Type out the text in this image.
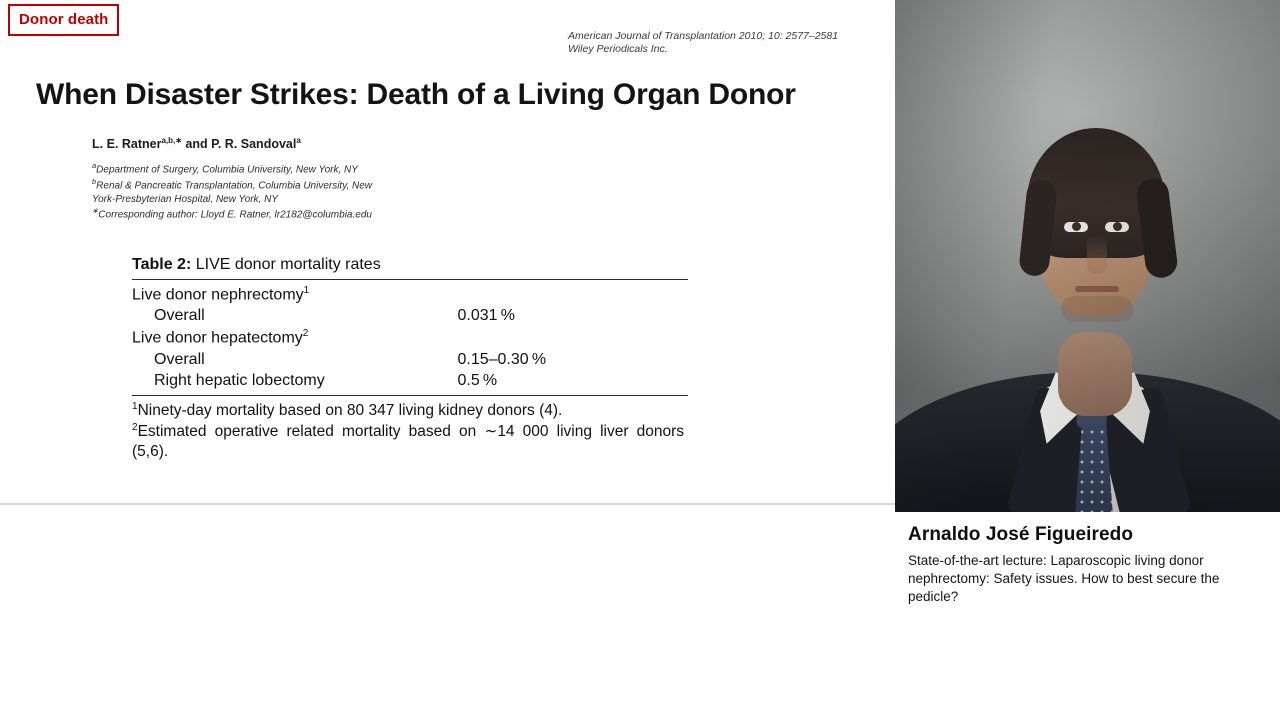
Donor death
American Journal of Transplantation 2010; 10: 2577–2581
Wiley Periodicals Inc.
When Disaster Strikes: Death of a Living Organ Donor
L. E. Ratner$^{a,b,∗}$ and P. R. Sandoval$^a$
$^a$Department of Surgery, Columbia University, New York, NY
$^b$Renal & Pancreatic Transplantation, Columbia University, New York-Presbyterian Hospital, New York, NY
∗Corresponding author: Lloyd E. Ratner, lr2182@columbia.edu
Table 2: LIVE donor mortality rates
Live donor nephrectomy$^1$	
Overall	0.031 %
Live donor hepatectomy$^2$	
Overall	0.15–0.30 %
Right hepatic lobectomy	0.5 %

$^1$Ninety-day mortality based on 80 347 living kidney donors (4).

$^2$Estimated operative related mortality based on ∼14 000 living liver donors (5,6).

Arnaldo José Figueiredo
State-of-the-art lecture: Laparoscopic living donor nephrectomy: Safety issues. How to best secure the pedicle?
